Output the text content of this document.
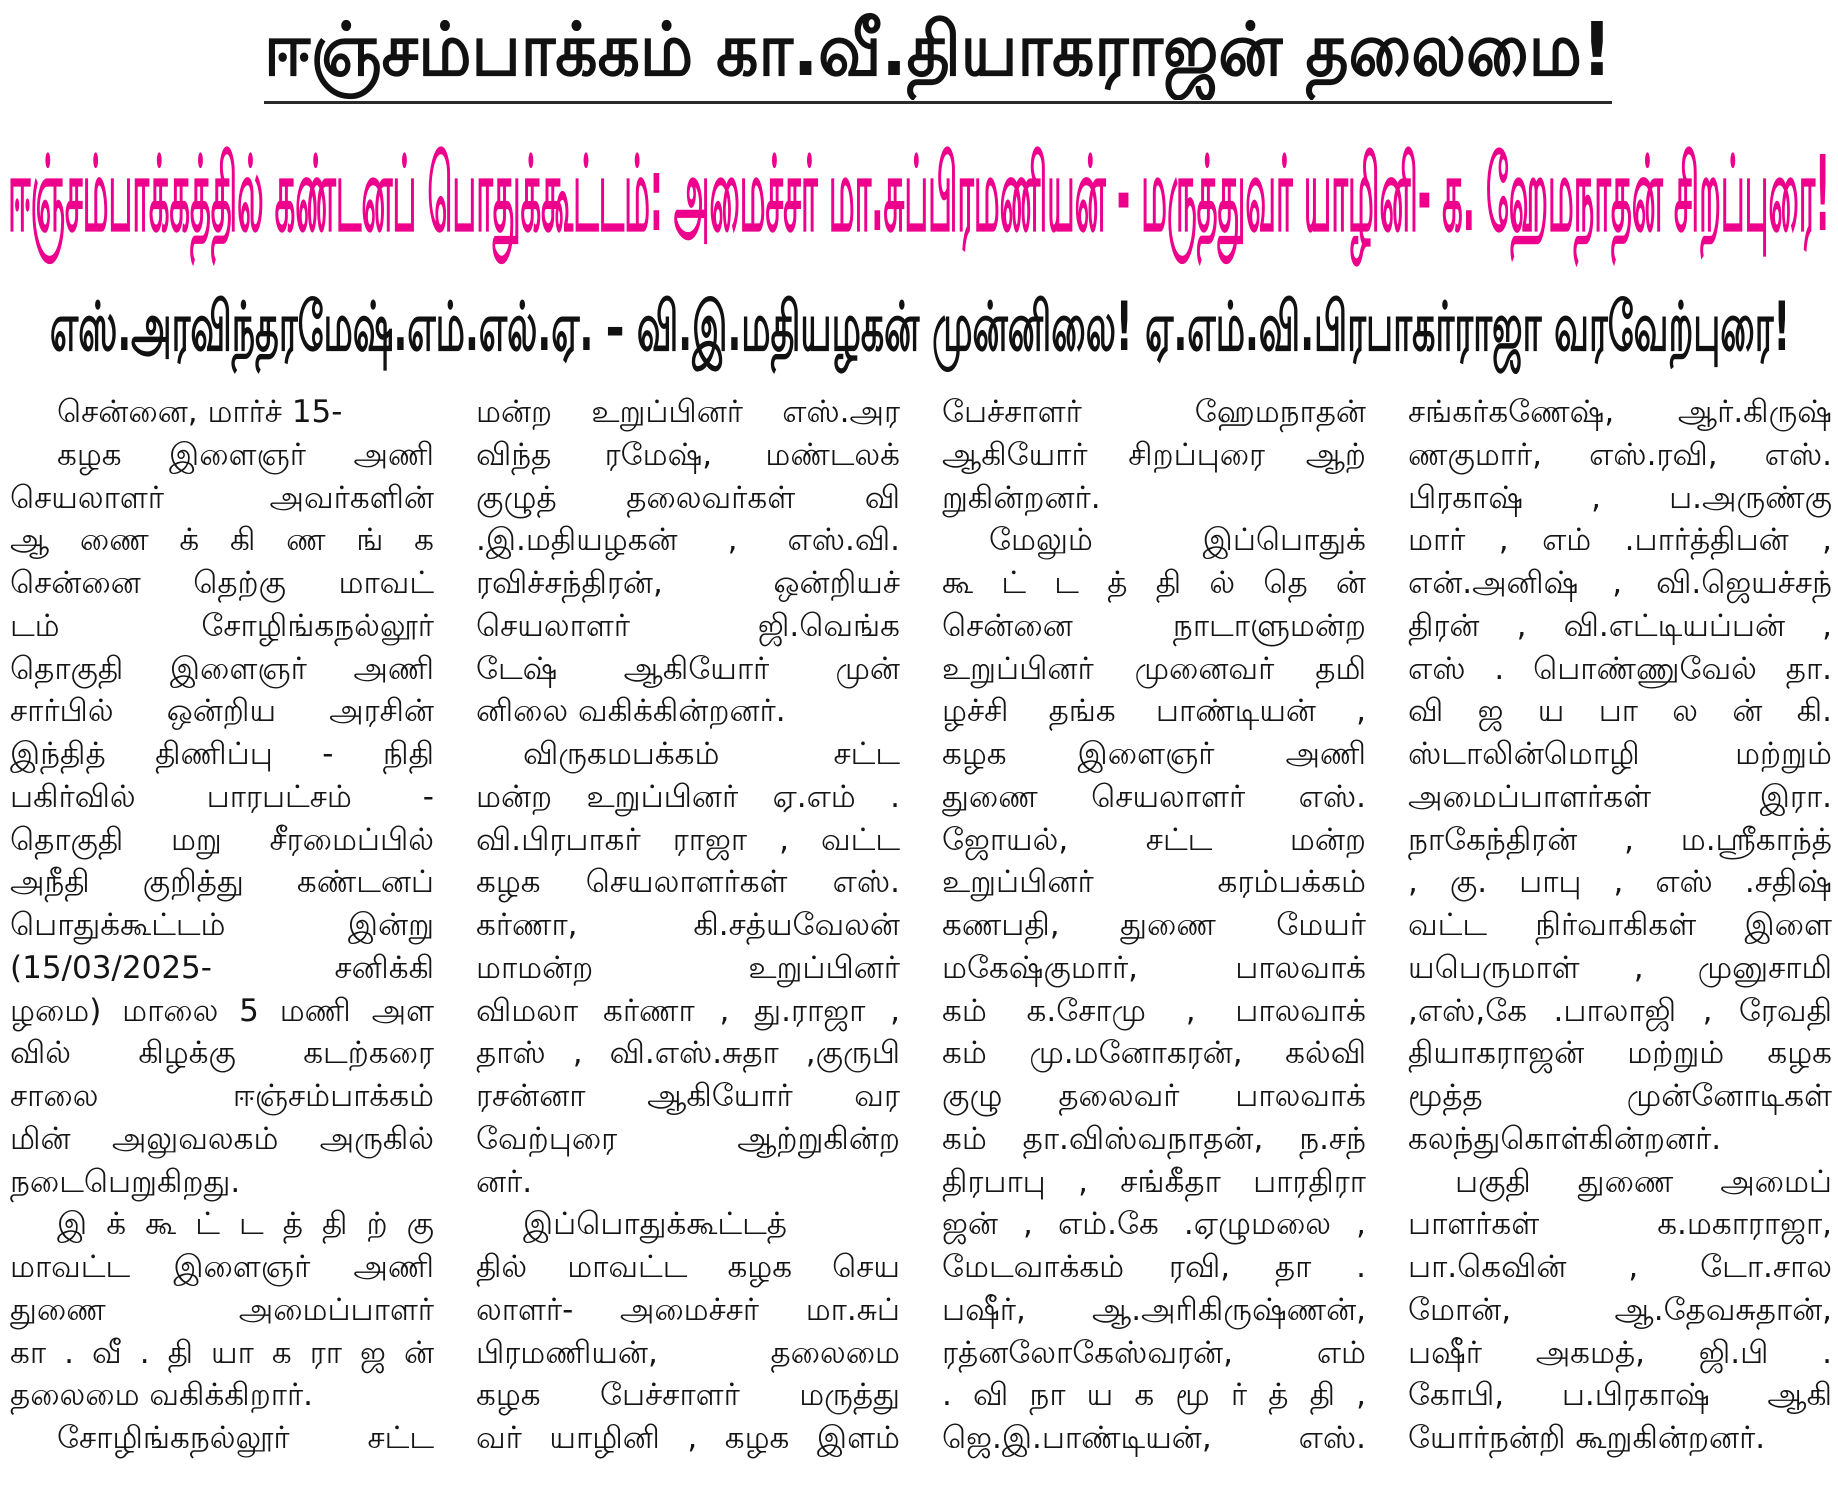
ஈஞ்சம்பாக்கம் கா.வீ.தியாகராஜன் தலைமை!
ஈஞ்சம்பாக்கத்தில் கண்டனப் பொதுக்கூட்டம்: அமைச்சர் மா.சுப்பிரமணியன் - மருத்துவர் யாழினி- க. ஹேமநாதன் சிறப்புரை!
எஸ்.அரவிந்தரமேஷ்.எம்.எல்.ஏ. – வி.இ.மதியழகன் முன்னிலை! ஏ.எம்.வி.பிரபாகர்ராஜா வரவேற்புரை!
சென்னை, மார்ச் 15-
கழக இளைஞர் அணி
செயலாளர் அவர்களின்
ஆ ணை க் கி ண ங் க
சென்னை தெற்கு மாவட்
டம் சோழிங்கநல்லூர்
தொகுதி இளைஞர் அணி
சார்பில் ஒன்றிய அரசின்
இந்தித் திணிப்பு - நிதி
பகிர்வில் பாரபட்சம் -
தொகுதி மறு சீரமைப்பில்
அநீதி குறித்து கண்டனப்
பொதுக்கூட்டம் இன்று
(15/03/2025- சனிக்கி
ழமை) மாலை 5 மணி அள
வில் கிழக்கு கடற்கரை
சாலை ஈஞ்சம்பாக்கம்
மின் அலுவலகம் அருகில்
நடைபெறுகிறது.
இ க் கூ ட் ட த் தி ற் கு
மாவட்ட இளைஞர் அணி
துணை அமைப்பாளர்
கா . வீ . தி யா க ரா ஜ ன்
தலைமை வகிக்கிறார்.
சோழிங்கநல்லூர் சட்ட
மன்ற உறுப்பினர் எஸ்.அர
விந்த ரமேஷ், மண்டலக்
குழுத் தலைவர்கள் வி
.இ.மதியழகன் , எஸ்.வி.
ரவிச்சந்திரன், ஒன்றியச்
செயலாளர் ஜி.வெங்க
டேஷ் ஆகியோர் முன்
னிலை வகிக்கின்றனர்.
விருகமபக்கம் சட்ட
மன்ற உறுப்பினர் ஏ.எம் .
வி.பிரபாகர் ராஜா , வட்ட
கழக செயலாளர்கள் எஸ்.
கர்ணா, கி.சத்யவேலன்
மாமன்ற உறுப்பினர்
விமலா கர்ணா , து.ராஜா ,
தாஸ் , வி.எஸ்.சுதா ,குருபி
ரசன்னா ஆகியோர் வர
வேற்புரை ஆற்றுகின்ற
னர்.
இப்பொதுக்கூட்டத்
தில் மாவட்ட கழக செய
லாளர்- அமைச்சர் மா.சுப்
பிரமணியன், தலைமை
கழக பேச்சாளர் மருத்து
வர் யாழினி , கழக இளம்
பேச்சாளர் ஹேமநாதன்
ஆகியோர் சிறப்புரை ஆற்
றுகின்றனர்.
மேலும் இப்பொதுக்
கூ ட் ட த் தி ல் தெ ன்
சென்னை நாடாளுமன்ற
உறுப்பினர் முனைவர் தமி
ழச்சி தங்க பாண்டியன் ,
கழக இளைஞர் அணி
துணை செயலாளர் எஸ்.
ஜோயல், சட்ட மன்ற
உறுப்பினர் கரம்பக்கம்
கணபதி, துணை மேயர்
மகேஷ்குமார், பாலவாக்
கம் க.சோமு , பாலவாக்
கம் மு.மனோகரன், கல்வி
குழு தலைவர் பாலவாக்
கம் தா.விஸ்வநாதன், ந.சந்
திரபாபு , சங்கீதா பாரதிரா
ஜன் , எம்.கே .ஏழுமலை ,
மேடவாக்கம் ரவி, தா .
பஷீர், ஆ.அரிகிருஷ்ணன்,
ரத்னலோகேஸ்வரன், எம்
. வி நா ய க மூ ர் த் தி ,
ஜெ.இ.பாண்டியன், எஸ்.
சங்கர்கணேஷ், ஆர்.கிருஷ்
ணகுமார், எஸ்.ரவி, எஸ்.
பிரகாஷ் , ப.அருண்கு
மார் , எம் .பார்த்திபன் ,
என்.அனிஷ் , வி.ஜெயச்சந்
திரன் , வி.எட்டியப்பன் ,
எஸ் . பொண்ணுவேல் தா.
வி ஜ ய பா ல ன் கி.
ஸ்டாலின்மொழி மற்றும்
அமைப்பாளர்கள் இரா.
நாகேந்திரன் , ம.ஸ்ரீகாந்த்
, கு. பாபு , எஸ் .சதிஷ்
வட்ட நிர்வாகிகள் இளை
யபெருமாள் , முனுசாமி
,எஸ்,கே .பாலாஜி , ரேவதி
தியாகராஜன் மற்றும் கழக
மூத்த முன்னோடிகள்
கலந்துகொள்கின்றனர்.
பகுதி துணை அமைப்
பாளர்கள் க.மகாராஜா,
பா.கெவின் , டோ.சால
மோன், ஆ.தேவசுதான்,
பஷீர் அகமத், ஜி.பி .
கோபி, ப.பிரகாஷ் ஆகி
யோர்நன்றி கூறுகின்றனர்.
